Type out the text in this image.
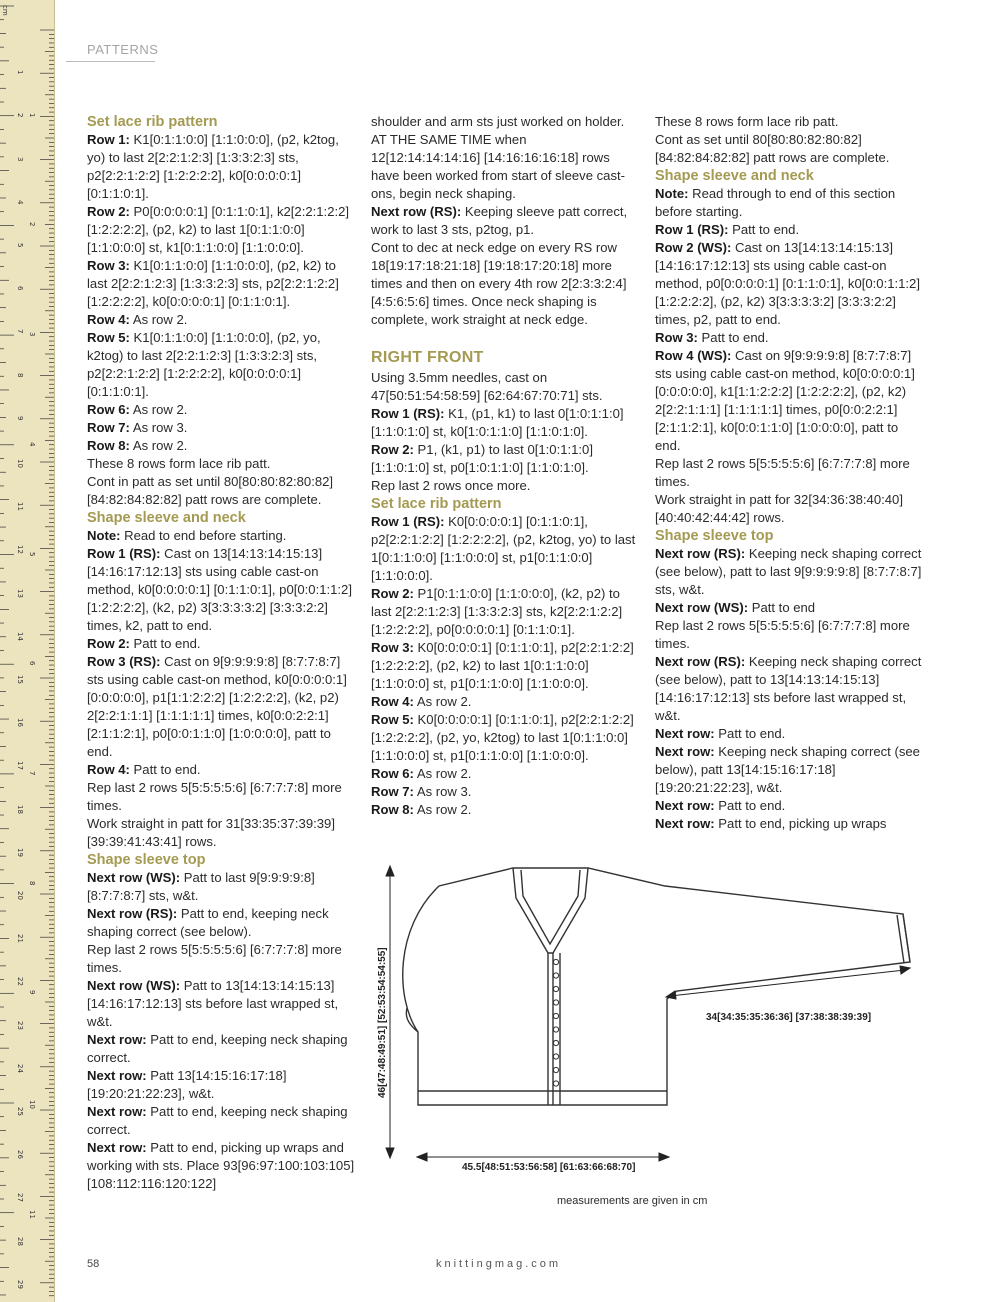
cm
1
2
3
4
5
6
7
8
9
10
11
12
13
14
15
16
17
18
19
20
21
22
23
24
25
26
27
28
29
1
2
3
4
5
6
7
8
9
10
11
PATTERNS

Set lace rib pattern

Row 1: K1[0:1:1:0:0] [1:1:0:0:0], (p2, k2tog, yo) to last 2[2:2:1:2:3] [1:3:3:2:3] sts, p2[2:2:1:2:2] [1:2:2:2:2], k0[0:0:0:0:1] [0:1:1:0:1].

Row 2: P0[0:0:0:0:1] [0:1:1:0:1], k2[2:2:1:2:2] [1:2:2:2:2], (p2, k2) to last 1[0:1:1:0:0] [1:1:0:0:0] st, k1[0:1:1:0:0] [1:1:0:0:0].

Row 3: K1[0:1:1:0:0] [1:1:0:0:0], (p2, k2) to last 2[2:2:1:2:3] [1:3:3:2:3] sts, p2[2:2:1:2:2] [1:2:2:2:2], k0[0:0:0:0:1] [0:1:1:0:1].

Row 4: As row 2.

Row 5: K1[0:1:1:0:0] [1:1:0:0:0], (p2, yo, k2tog) to last 2[2:2:1:2:3] [1:3:3:2:3] sts, p2[2:2:1:2:2] [1:2:2:2:2], k0[0:0:0:0:1] [0:1:1:0:1].

Row 6: As row 2.

Row 7: As row 3.

Row 8: As row 2.

These 8 rows form lace rib patt.

Cont in patt as set until 80[80:80:82:80:82] [84:82:84:82:82] patt rows are complete.

Shape sleeve and neck

Note: Read to end before starting.

Row 1 (RS): Cast on 13[14:13:14:15:13] [14:16:17:12:13] sts using cable cast-on method, k0[0:0:0:0:1] [0:1:1:0:1], p0[0:0:1:1:2] [1:2:2:2:2], (k2, p2) 3[3:3:3:3:2] [3:3:3:2:2] times, k2, patt to end.

Row 2: Patt to end.

Row 3 (RS): Cast on 9[9:9:9:9:8] [8:7:7:8:7] sts using cable cast-on method, k0[0:0:0:0:1] [0:0:0:0:0], p1[1:1:2:2:2] [1:2:2:2:2], (k2, p2) 2[2:2:1:1:1] [1:1:1:1:1] times, k0[0:0:2:2:1] [2:1:1:2:1], p0[0:0:1:1:0] [1:0:0:0:0], patt to end.

Row 4: Patt to end.

Rep last 2 rows 5[5:5:5:5:6] [6:7:7:7:8] more times.

Work straight in patt for 31[33:35:37:39:39] [39:39:41:43:41] rows.

Shape sleeve top

Next row (WS): Patt to last 9[9:9:9:9:8] [8:7:7:8:7] sts, w&t.

Next row (RS): Patt to end, keeping neck shaping correct (see below).

Rep last 2 rows 5[5:5:5:5:6] [6:7:7:7:8] more times.

Next row (WS): Patt to 13[14:13:14:15:13] [14:16:17:12:13] sts before last wrapped st, w&t.

Next row: Patt to end, keeping neck shaping correct.

Next row: Patt 13[14:15:16:17:18] [19:20:21:22:23], w&t.

Next row: Patt to end, keeping neck shaping correct.

Next row: Patt to end, picking up wraps and working with sts. Place 93[96:97:100:103:105] [108:112:116:120:122]

shoulder and arm sts just worked on holder. AT THE SAME TIME when 12[12:14:14:14:16] [14:16:16:16:18] rows have been worked from start of sleeve cast-ons, begin neck shaping.

Next row (RS): Keeping sleeve patt correct, work to last 3 sts, p2tog, p1.

Cont to dec at neck edge on every RS row 18[19:17:18:21:18] [19:18:17:20:18] more times and then on every 4th row 2[2:3:3:2:4] [4:5:6:5:6] times. Once neck shaping is complete, work straight at neck edge.

RIGHT FRONT

Using 3.5mm needles, cast on 47[50:51:54:58:59] [62:64:67:70:71] sts.

Row 1 (RS): K1, (p1, k1) to last 0[1:0:1:1:0] [1:1:0:1:0] st, k0[1:0:1:1:0] [1:1:0:1:0].

Row 2: P1, (k1, p1) to last 0[1:0:1:1:0] [1:1:0:1:0] st, p0[1:0:1:1:0] [1:1:0:1:0].

Rep last 2 rows once more.

Set lace rib pattern

Row 1 (RS): K0[0:0:0:0:1] [0:1:1:0:1], p2[2:2:1:2:2] [1:2:2:2:2], (p2, k2tog, yo) to last 1[0:1:1:0:0] [1:1:0:0:0] st, p1[0:1:1:0:0] [1:1:0:0:0].

Row 2: P1[0:1:1:0:0] [1:1:0:0:0], (k2, p2) to last 2[2:2:1:2:3] [1:3:3:2:3] sts, k2[2:2:1:2:2] [1:2:2:2:2], p0[0:0:0:0:1] [0:1:1:0:1].

Row 3: K0[0:0:0:0:1] [0:1:1:0:1], p2[2:2:1:2:2] [1:2:2:2:2], (p2, k2) to last 1[0:1:1:0:0] [1:1:0:0:0] st, p1[0:1:1:0:0] [1:1:0:0:0].

Row 4: As row 2.

Row 5: K0[0:0:0:0:1] [0:1:1:0:1], p2[2:2:1:2:2] [1:2:2:2:2], (p2, yo, k2tog) to last 1[0:1:1:0:0] [1:1:0:0:0] st, p1[0:1:1:0:0] [1:1:0:0:0].

Row 6: As row 2.

Row 7: As row 3.

Row 8: As row 2.

These 8 rows form lace rib patt.

Cont as set until 80[80:80:82:80:82] [84:82:84:82:82] patt rows are complete.

Shape sleeve and neck

Note: Read through to end of this section before starting.

Row 1 (RS): Patt to end.

Row 2 (WS): Cast on 13[14:13:14:15:13] [14:16:17:12:13] sts using cable cast-on method, p0[0:0:0:0:1] [0:1:1:0:1], k0[0:0:1:1:2] [1:2:2:2:2], (p2, k2) 3[3:3:3:3:2] [3:3:3:2:2] times, p2, patt to end.

Row 3: Patt to end.

Row 4 (WS): Cast on 9[9:9:9:9:8] [8:7:7:8:7] sts using cable cast-on method, k0[0:0:0:0:1] [0:0:0:0:0], k1[1:1:2:2:2] [1:2:2:2:2], (p2, k2) 2[2:2:1:1:1] [1:1:1:1:1] times, p0[0:0:2:2:1] [2:1:1:2:1], k0[0:0:1:1:0] [1:0:0:0:0], patt to end.

Rep last 2 rows 5[5:5:5:5:6] [6:7:7:7:8] more times.

Work straight in patt for 32[34:36:38:40:40] [40:40:42:44:42] rows.

Shape sleeve top

Next row (RS): Keeping neck shaping correct (see below), patt to last 9[9:9:9:9:8] [8:7:7:8:7] sts, w&t.

Next row (WS): Patt to end

Rep last 2 rows 5[5:5:5:5:6] [6:7:7:7:8] more times.

Next row (RS): Keeping neck shaping correct (see below), patt to 13[14:13:14:15:13] [14:16:17:12:13] sts before last wrapped st, w&t.

Next row: Patt to end.

Next row: Keeping neck shaping correct (see below), patt 13[14:15:16:17:18] [19:20:21:22:23], w&t.

Next row: Patt to end.

Next row: Patt to end, picking up wraps

46[47:48:49:51] [52:53:54:54:55]
45.5[48:51:53:56:58] [61:63:66:68:70]
34[34:35:35:36:36] [37:38:38:39:39]
measurements are given in cm
58	knittingmag.com
